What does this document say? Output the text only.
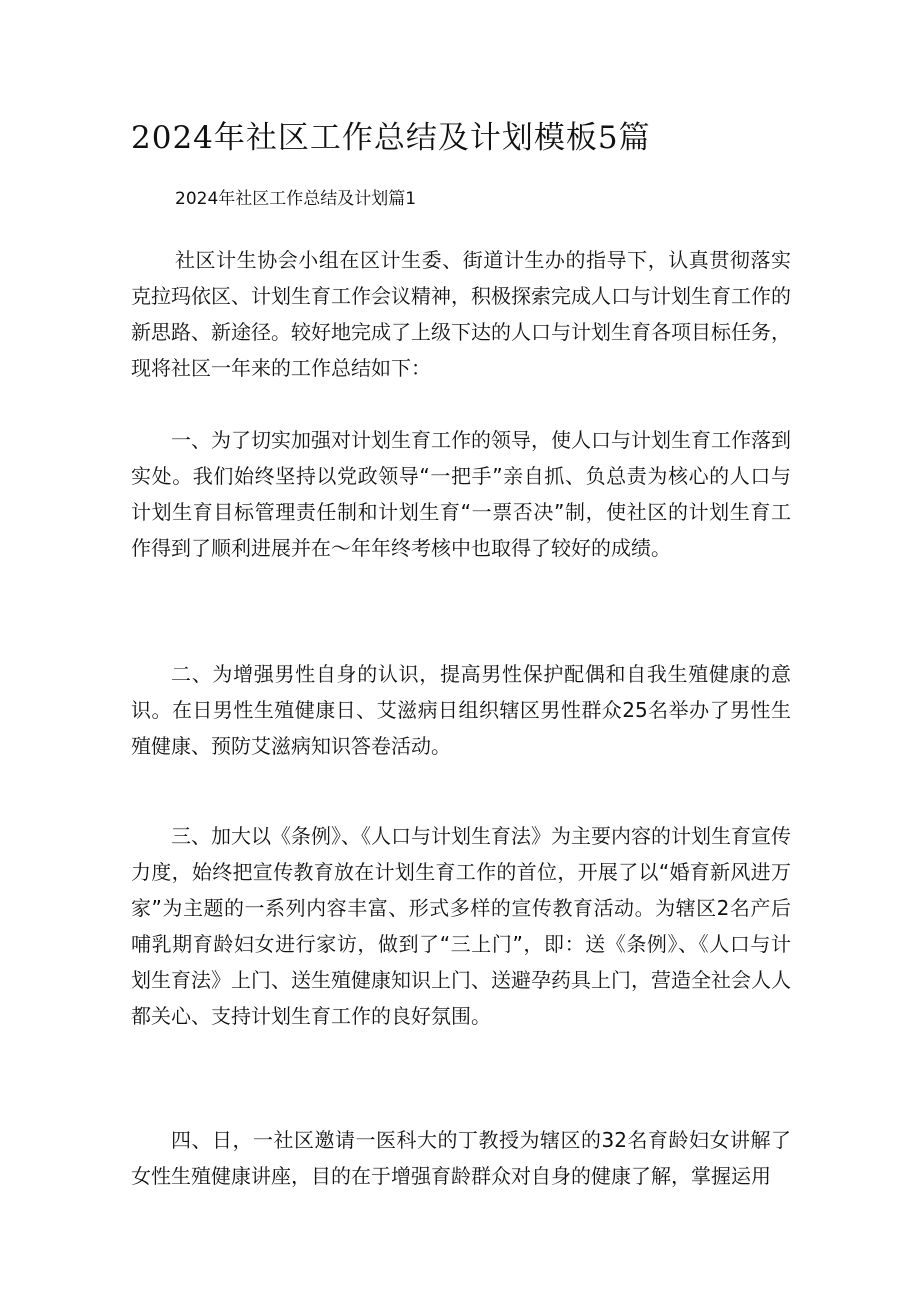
2024年社区工作总结及计划模板5篇
2024年社区工作总结及计划篇1

社区计生协会小组在区计生委、街道计生办的指导下，认真贯彻落实克拉玛依区、计划生育工作会议精神，积极探索完成人口与计划生育工作的新思路、新途径。较好地完成了上级下达的人口与计划生育各项目标任务，现将社区一年来的工作总结如下：

一、为了切实加强对计划生育工作的领导，使人口与计划生育工作落到实处。我们始终坚持以党政领导“一把手”亲自抓、负总责为核心的人口与计划生育目标管理责任制和计划生育“一票否决”制，使社区的计划生育工作得到了顺利进展并在～年年终考核中也取得了较好的成绩。

二、为增强男性自身的认识，提高男性保护配偶和自我生殖健康的意识。在日男性生殖健康日、艾滋病日组织辖区男性群众25名举办了男性生殖健康、预防艾滋病知识答卷活动。

三、加大以《条例》、《人口与计划生育法》为主要内容的计划生育宣传力度，始终把宣传教育放在计划生育工作的首位，开展了以“婚育新风进万家”为主题的一系列内容丰富、形式多样的宣传教育活动。为辖区2名产后哺乳期育龄妇女进行家访，做到了“三上门”，即：送《条例》、《人口与计划生育法》上门、送生殖健康知识上门、送避孕药具上门，营造全社会人人都关心、支持计划生育工作的良好氛围。

四、日，一社区邀请一医科大的丁教授为辖区的32名育龄妇女讲解了女性生殖健康讲座，目的在于增强育龄群众对自身的健康了解，掌握运用
